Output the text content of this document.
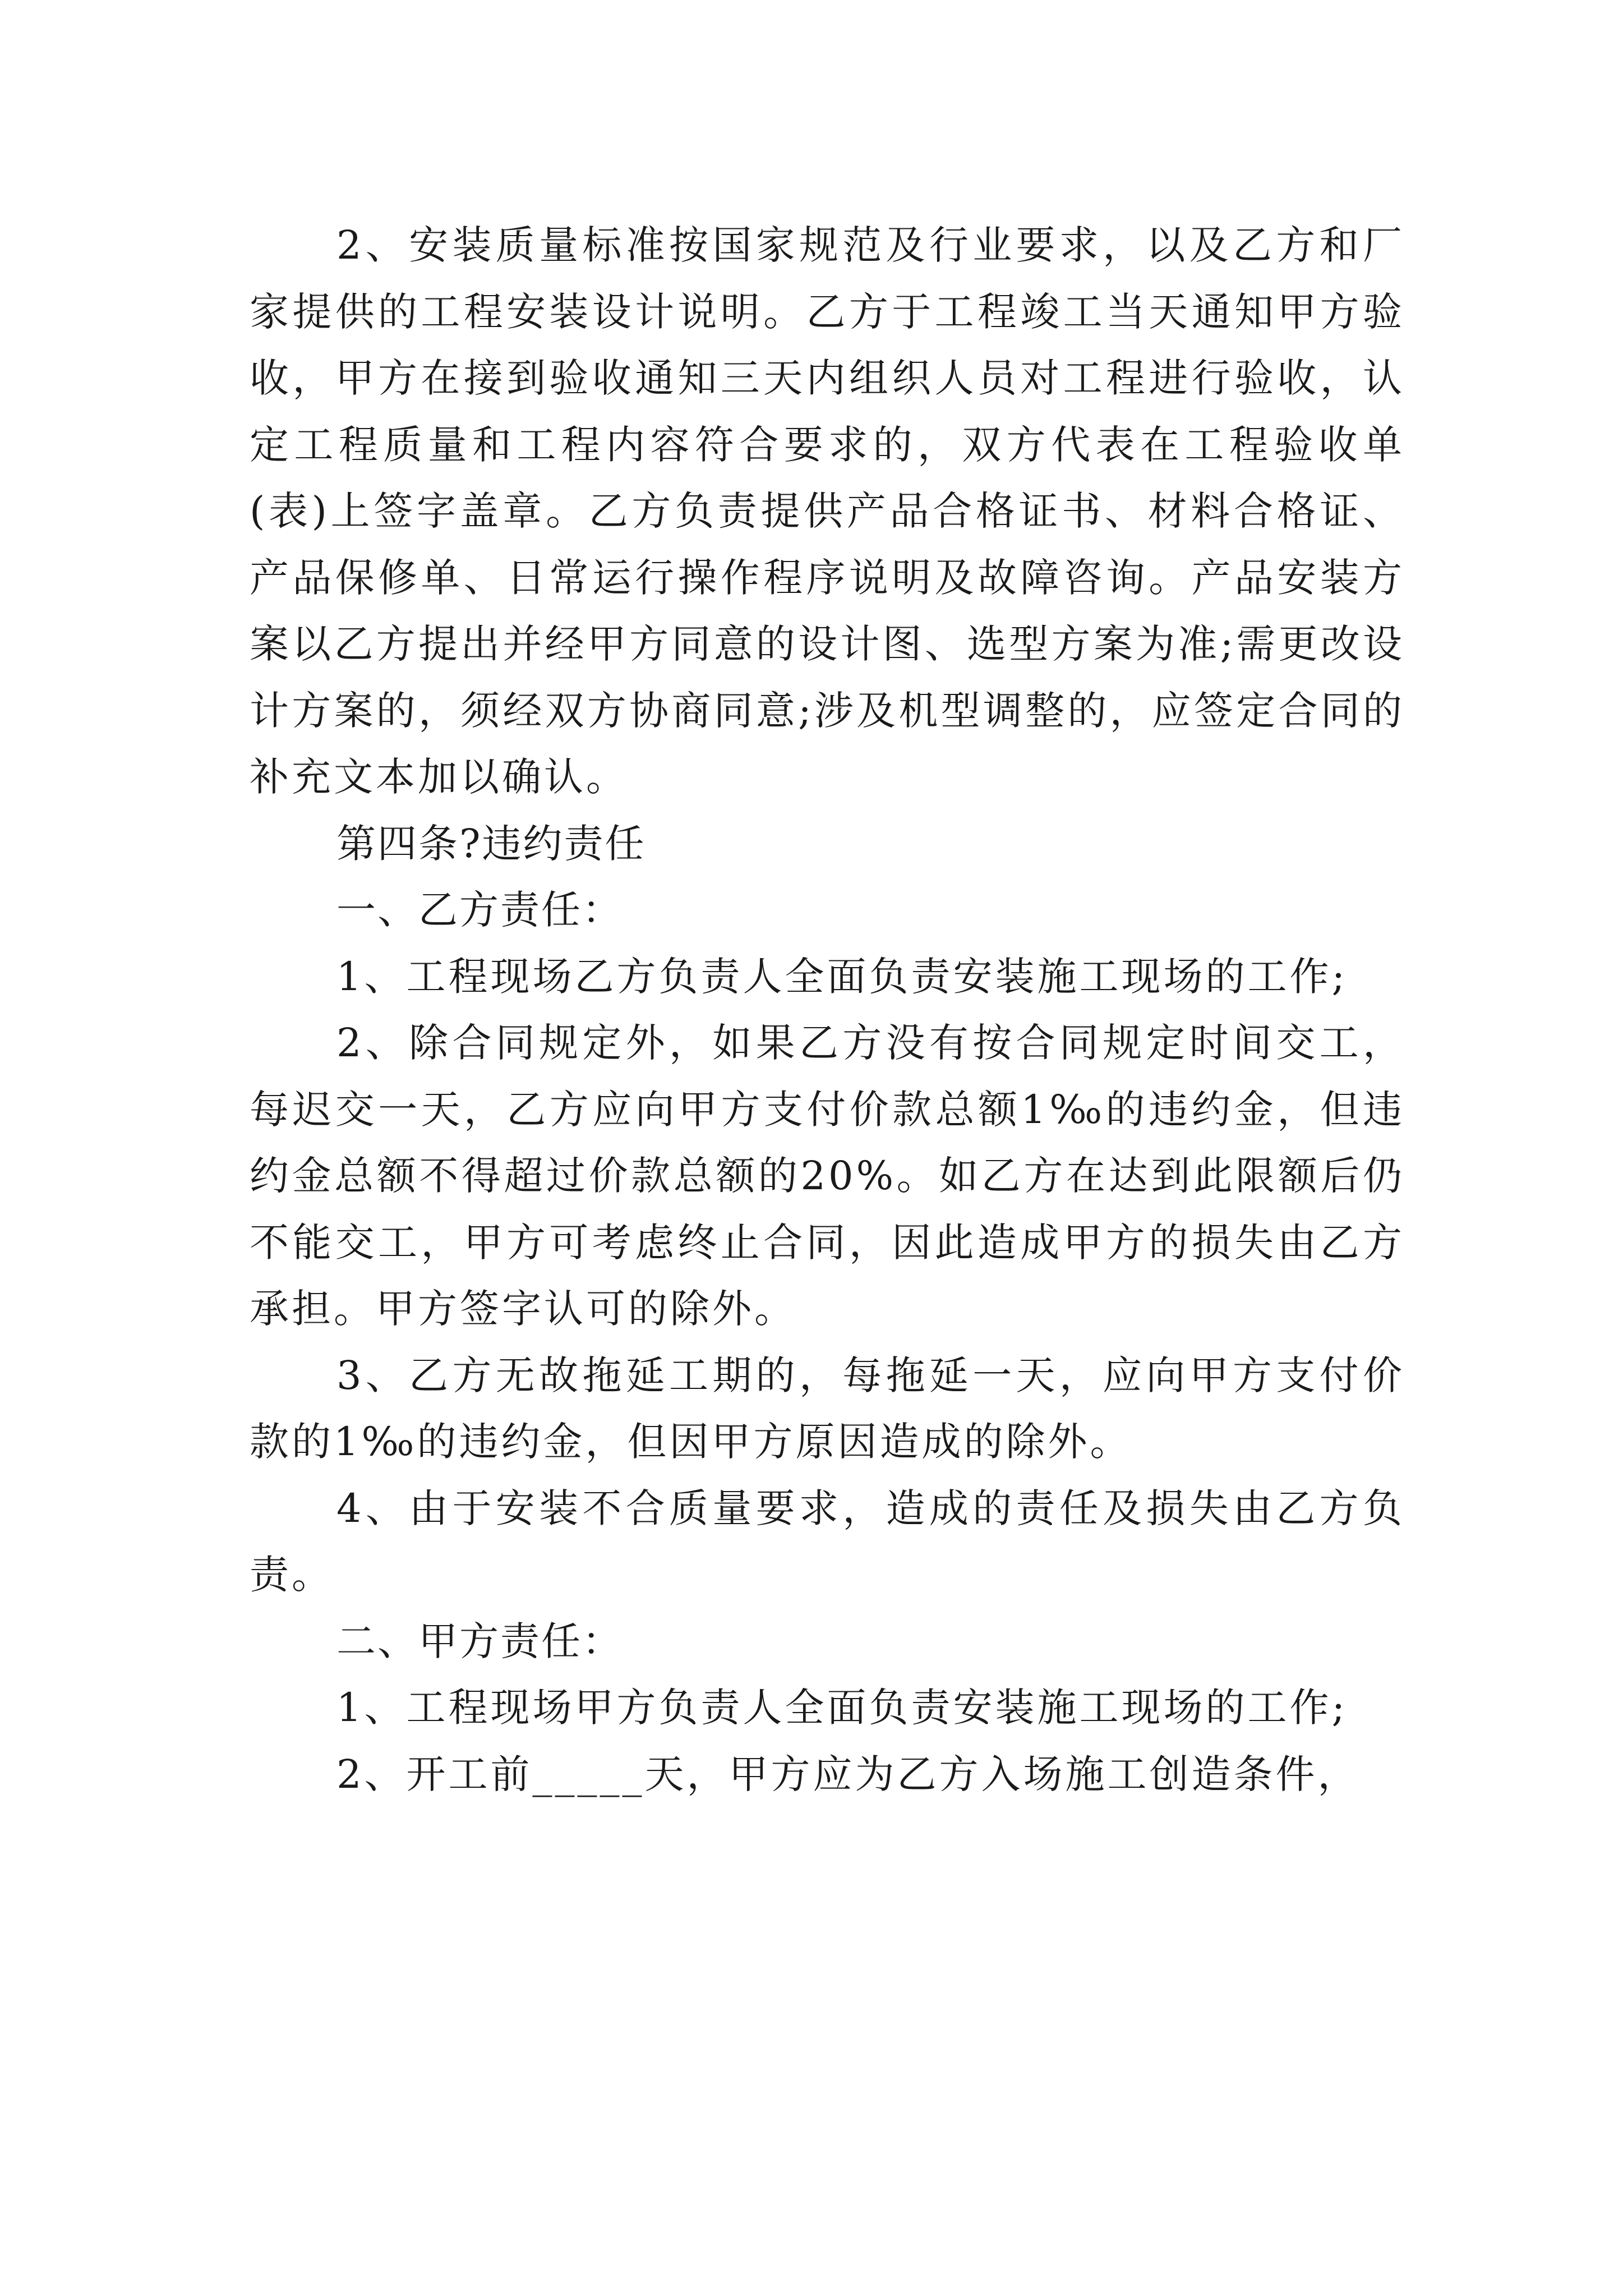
2、安装质量标准按国家规范及行业要求，以及乙方和厂家提供的工程安装设计说明。乙方于工程竣工当天通知甲方验收，甲方在接到验收通知三天内组织人员对工程进行验收，认定工程质量和工程内容符合要求的，双方代表在工程验收单(表)上签字盖章。乙方负责提供产品合格证书、材料合格证、产品保修单、日常运行操作程序说明及故障咨询。产品安装方案以乙方提出并经甲方同意的设计图、选型方案为准;需更改设计方案的，须经双方协商同意;涉及机型调整的，应签定合同的补充文本加以确认。

第四条?违约责任

一、乙方责任：

1、工程现场乙方负责人全面负责安装施工现场的工作;

2、除合同规定外，如果乙方没有按合同规定时间交工，每迟交一天，乙方应向甲方支付价款总额1‰的违约金，但违约金总额不得超过价款总额的20%。如乙方在达到此限额后仍不能交工，甲方可考虑终止合同，因此造成甲方的损失由乙方承担。甲方签字认可的除外。

3、乙方无故拖延工期的，每拖延一天，应向甲方支付价款的1‰的违约金，但因甲方原因造成的除外。

4、由于安装不合质量要求，造成的责任及损失由乙方负责。

二、甲方责任：

1、工程现场甲方负责人全面负责安装施工现场的工作;

2、开工前_____天，甲方应为乙方入场施工创造条件，
